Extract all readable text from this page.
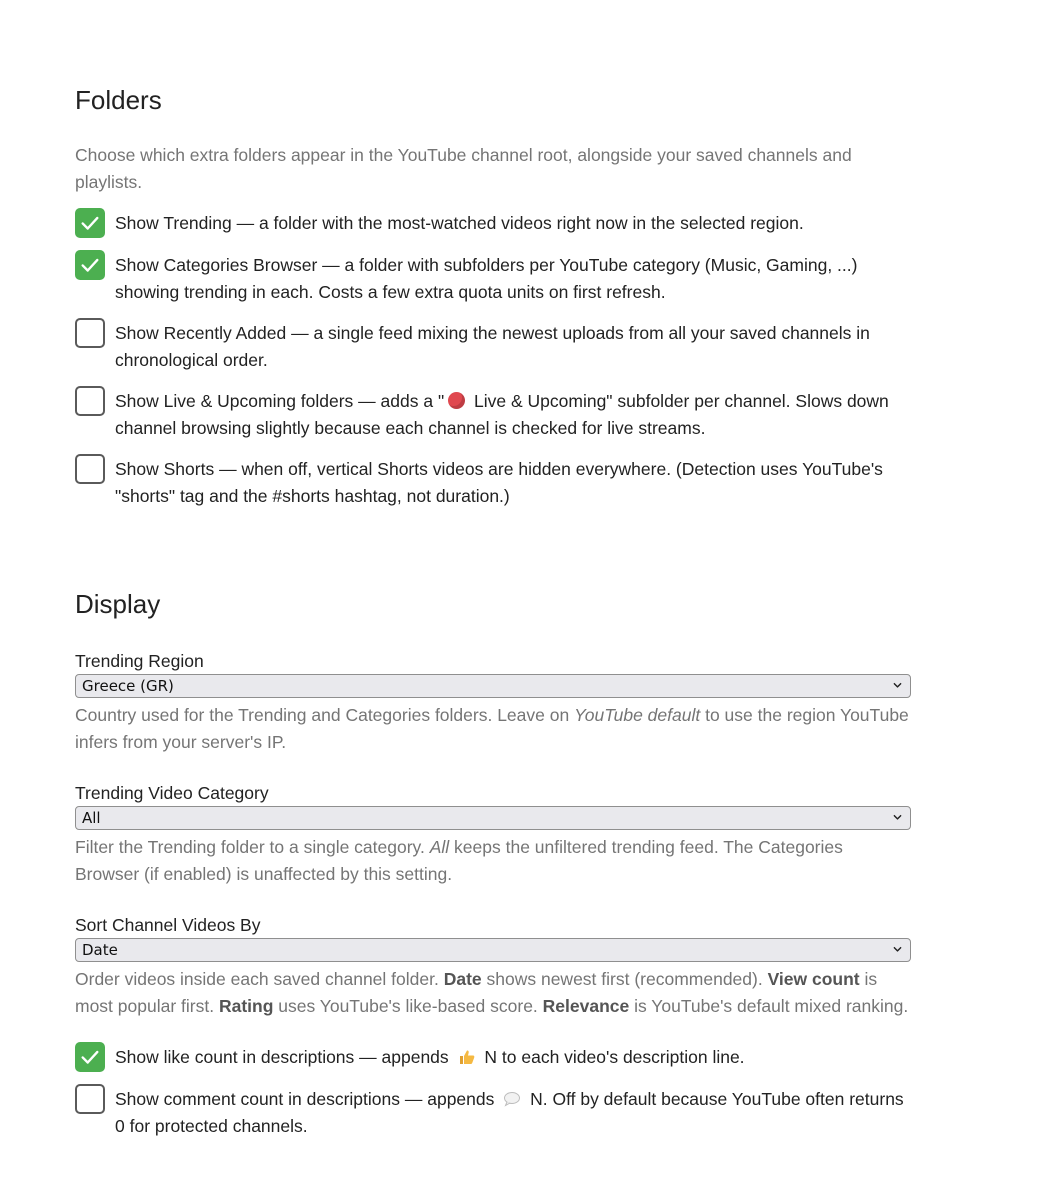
Folders
Choose which extra folders appear in the YouTube channel root, alongside your saved channels and playlists.
Show Trending — a folder with the most-watched videos right now in the selected region.
Show Categories Browser — a folder with subfolders per YouTube category (Music, Gaming, ...) showing trending in each. Costs a few extra quota units on first refresh.
Show Recently Added — a single feed mixing the newest uploads from all your saved channels in chronological order.
Show Live & Upcoming folders — adds a " Live & Upcoming" subfolder per channel. Slows down channel browsing slightly because each channel is checked for live streams.
Show Shorts — when off, vertical Shorts videos are hidden everywhere. (Detection uses YouTube's "shorts" tag and the #shorts hashtag, not duration.)
Display
Trending Region
Greece (GR)
Country used for the Trending and Categories folders. Leave on YouTube default to use the region YouTube infers from your server's IP.
Trending Video Category
All
Filter the Trending folder to a single category. All keeps the unfiltered trending feed. The Categories Browser (if enabled) is unaffected by this setting.
Sort Channel Videos By
Date
Order videos inside each saved channel folder. Date shows newest first (recommended). View count is most popular first. Rating uses YouTube's like-based score. Relevance is YouTube's default mixed ranking.
Show like count in descriptions — appends  N to each video's description line.
Show comment count in descriptions — appends  N. Off by default because YouTube often returns 0 for protected channels.
